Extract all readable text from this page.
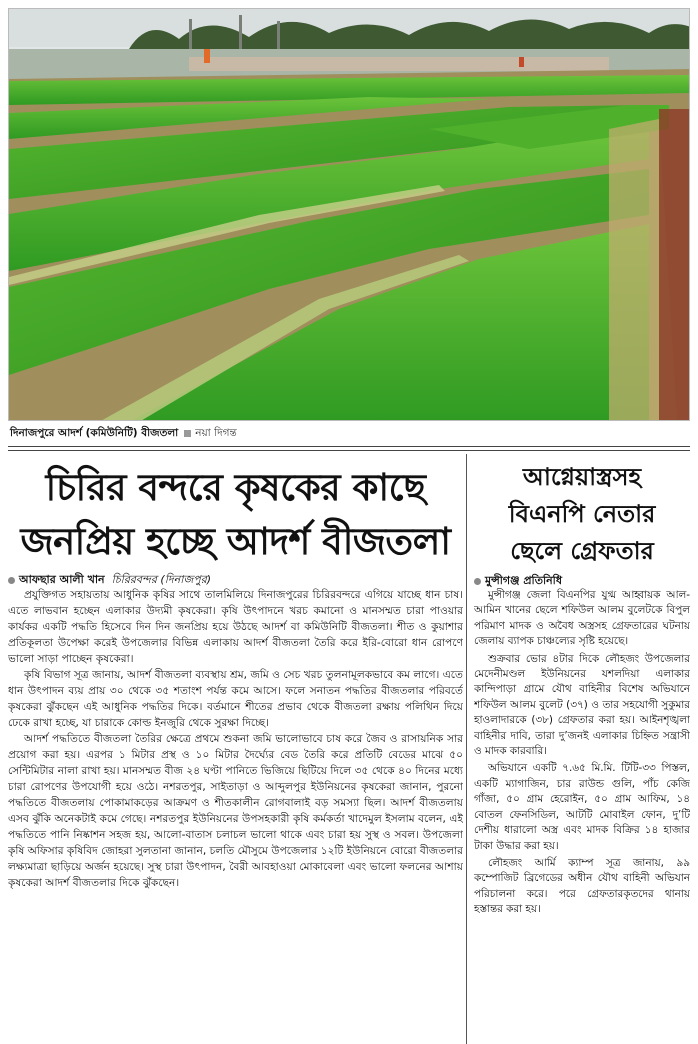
দিনাজপুরে আদর্শ (কমিউনিটি) বীজতলা নয়া দিগন্ত
চিরির বন্দরে কৃষকের কাছে
জনপ্রিয় হচ্ছে আদর্শ বীজতলা
আফছার আলী খান চিরিরবন্দর (দিনাজপুর)

প্রযুক্তিগত সহায়তায় আধুনিক কৃষির সাথে তালমিলিয়ে দিনাজপুরের চিরিরবন্দরে এগিয়ে যাচ্ছে ধান চাষ। এতে লাভবান হচ্ছেন এলাকার উদ্যমী কৃষকেরা। কৃষি উৎপাদনে খরচ কমানো ও মানসম্মত চারা পাওয়ার কার্যকর একটি পদ্ধতি হিসেবে দিন দিন জনপ্রিয় হয়ে উঠছে আদর্শ বা কমিউনিটি বীজতলা। শীত ও কুয়াশার প্রতিকূলতা উপেক্ষা করেই উপজেলার বিভিন্ন এলাকায় আদর্শ বীজতলা তৈরি করে ইরি-বোরো ধান রোপণে ভালো সাড়া পাচ্ছেন কৃষকেরা।

কৃষি বিভাগ সূত্র জানায়, আদর্শ বীজতলা ব্যবস্থায় শ্রম, জমি ও সেচ খরচ তুলনামূলকভাবে কম লাগে। এতে ধান উৎপাদন ব্যয় প্রায় ৩০ থেকে ৩৫ শতাংশ পর্যন্ত কমে আসে। ফলে সনাতন পদ্ধতির বীজতলার পরিবর্তে কৃষকেরা ঝুঁকছেন এই আধুনিক পদ্ধতির দিকে। বর্তমানে শীতের প্রভাব থেকে বীজতলা রক্ষায় পলিথিন দিয়ে ঢেকে রাখা হচ্ছে, যা চারাকে কোল্ড ইনজুরি থেকে সুরক্ষা দিচ্ছে।

আদর্শ পদ্ধতিতে বীজতলা তৈরির ক্ষেত্রে প্রথমে শুকনা জমি ভালোভাবে চাষ করে জৈব ও রাসায়নিক সার প্রয়োগ করা হয়। এরপর ১ মিটার প্রস্থ ও ১০ মিটার দৈর্ঘ্যের বেড তৈরি করে প্রতিটি বেডের মাঝে ৫০ সেন্টিমিটার নালা রাখা হয়। মানসম্মত বীজ ২৪ ঘণ্টা পানিতে ভিজিয়ে ছিটিয়ে দিলে ৩৫ থেকে ৪০ দিনের মধ্যে চারা রোপণের উপযোগী হয়ে ওঠে। নশরতপুর, সাইতাড়া ও আব্দুলপুর ইউনিয়নের কৃষকেরা জানান, পুরনো পদ্ধতিতে বীজতলায় পোকামাকড়ের আক্রমণ ও শীতকালীন রোগবালাই বড় সমস্যা ছিল। আদর্শ বীজতলায় এসব ঝুঁকি অনেকটাই কমে গেছে। নশরতপুর ইউনিয়নের উপসহকারী কৃষি কর্মকর্তা খাদেমুল ইসলাম বলেন, এই পদ্ধতিতে পানি নিষ্কাশন সহজ হয়, আলো-বাতাস চলাচল ভালো থাকে এবং চারা হয় সুস্থ ও সবল। উপজেলা কৃষি অফিসার কৃষিবিদ জোহরা সুলতানা জানান, চলতি মৌসুমে উপজেলার ১২টি ইউনিয়নে বোরো বীজতলার লক্ষ্যমাত্রা ছাড়িয়ে অর্জন হয়েছে। সুস্থ চারা উৎপাদন, বৈরী আবহাওয়া মোকাবেলা এবং ভালো ফলনের আশায় কৃষকেরা আদর্শ বীজতলার দিকে ঝুঁকছেন।

আগ্নেয়াস্ত্রসহ
বিএনপি নেতার
ছেলে গ্রেফতার
মুন্সীগঞ্জ প্রতিনিধি

মুন্সীগঞ্জ জেলা বিএনপির যুগ্ম আহ্বায়ক আল-আমিন খানের ছেলে শফিউল আলম বুলেটকে বিপুল পরিমাণ মাদক ও অবৈধ অস্ত্রসহ গ্রেফতারের ঘটনায় জেলায় ব্যাপক চাঞ্চল্যের সৃষ্টি হয়েছে।

শুক্রবার ভোর ৪টার দিকে লৌহজং উপজেলার মেদেনীমণ্ডল ইউনিয়নের যশলদিয়া এলাকার কান্দিপাড়া গ্রামে যৌথ বাহিনীর বিশেষ অভিযানে শফিউল আলম বুলেট (৩৭) ও তার সহযোগী সুকুমার হাওলাদারকে (৩৮) গ্রেফতার করা হয়। আইনশৃঙ্খলা বাহিনীর দাবি, তারা দু’জনই এলাকার চিহ্নিত সন্ত্রাসী ও মাদক কারবারি।

অভিযানে একটি ৭.৬৫ মি.মি. টিটি-৩৩ পিস্তল, একটি ম্যাগাজিন, চার রাউন্ড গুলি, পাঁচ কেজি গাঁজা, ৫০ গ্রাম হেরোইন, ৫০ গ্রাম আফিম, ১৪ বোতল ফেনসিডিল, আটটি মোবাইল ফোন, দু’টি দেশীয় ধারালো অস্ত্র এবং মাদক বিক্রির ১৪ হাজার টাকা উদ্ধার করা হয়।

লৌহজং আর্মি ক্যাম্প সূত্র জানায়, ৯৯ কম্পোজিট ব্রিগেডের অধীন যৌথ বাহিনী অভিযান পরিচালনা করে। পরে গ্রেফতারকৃতদের থানায় হস্তান্তর করা হয়।
